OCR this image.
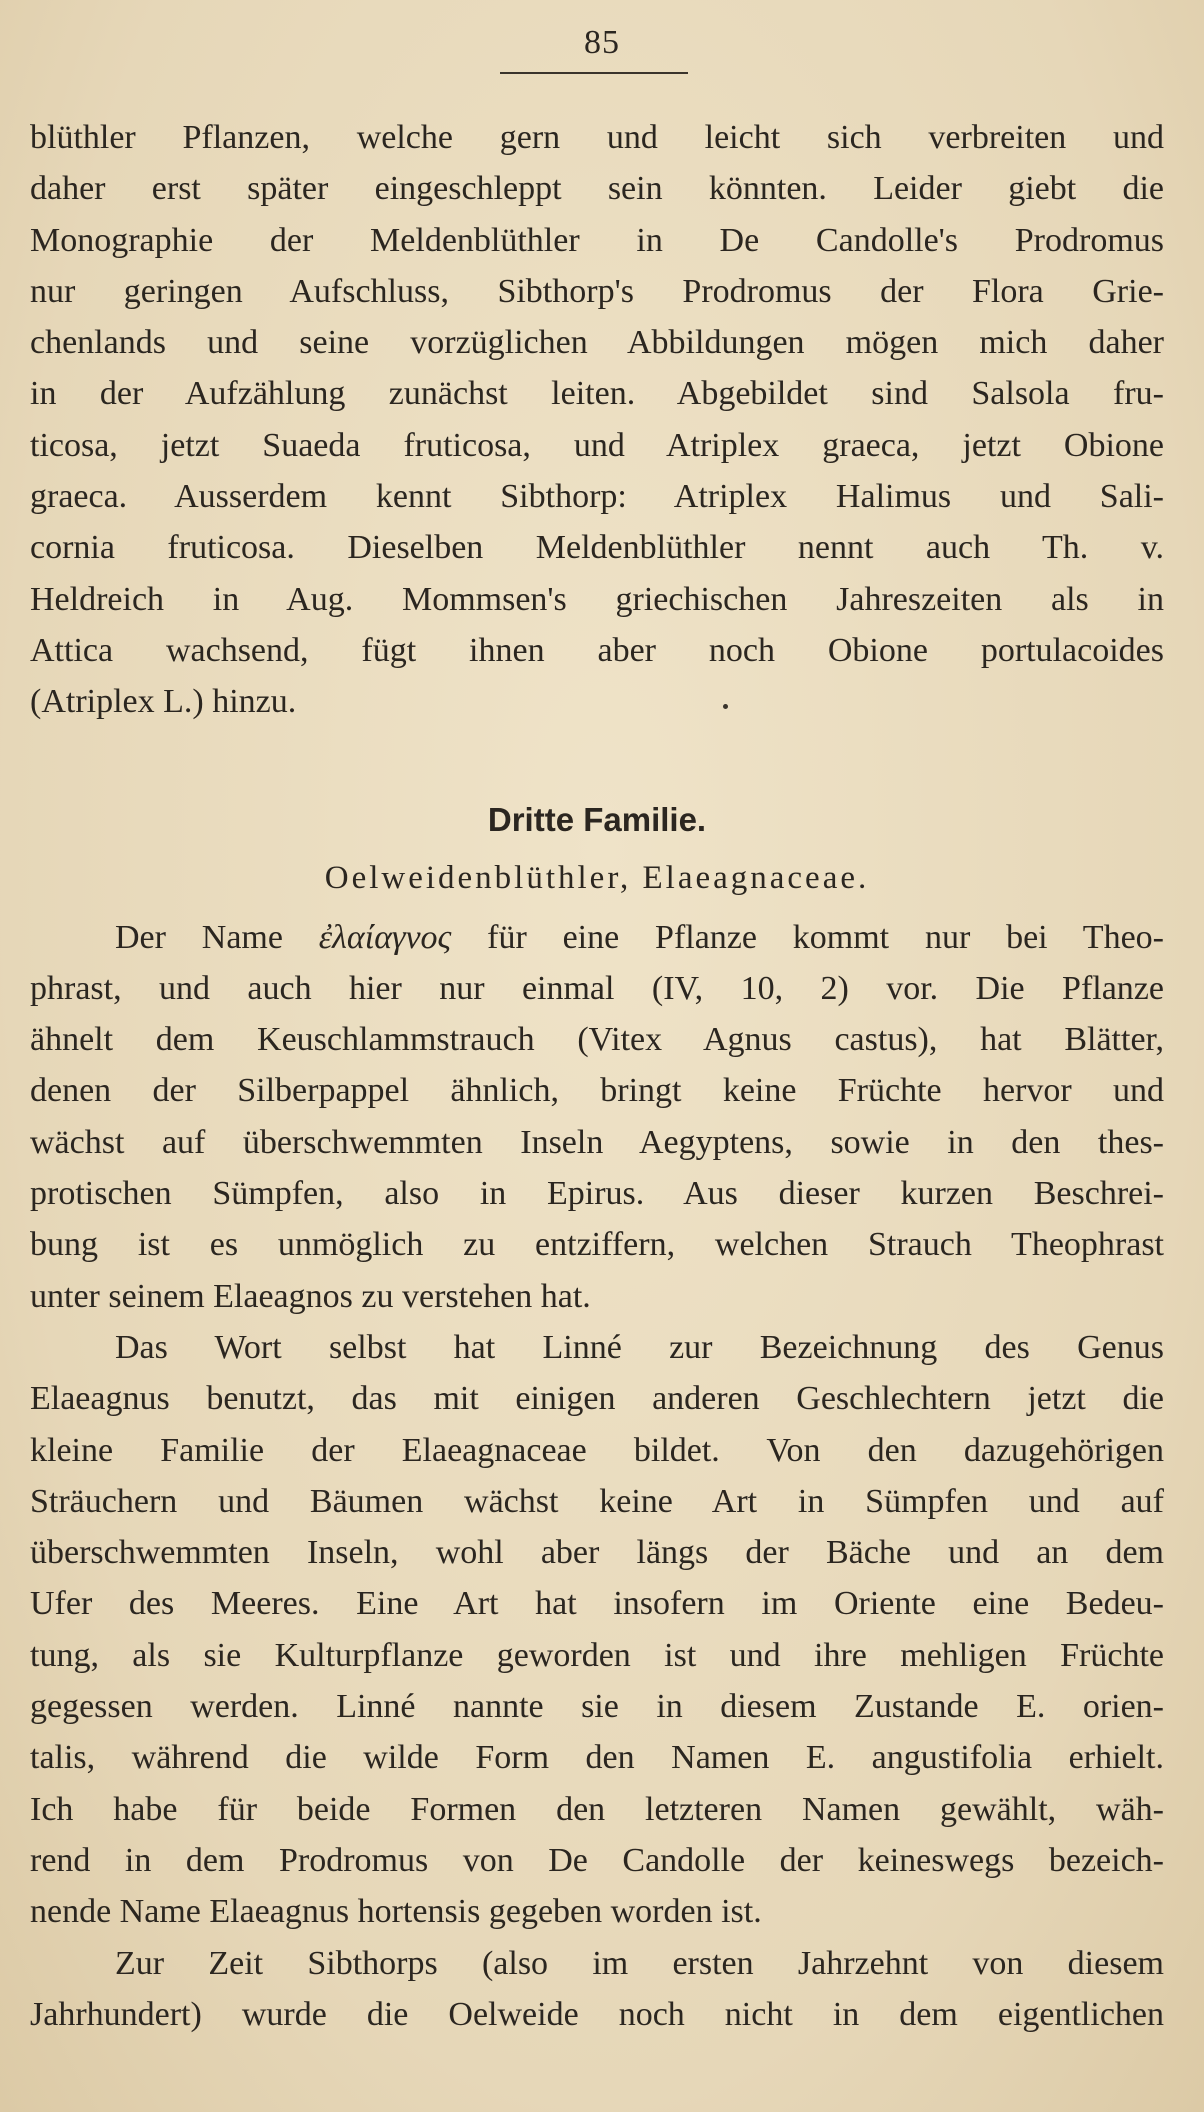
85
blüthler Pflanzen, welche gern und leicht sich verbreiten und
daher erst später eingeschleppt sein könnten. Leider giebt die
Monographie der Meldenblüthler in De Candolle's Prodromus
nur geringen Aufschluss, Sibthorp's Prodromus der Flora Grie-
chenlands und seine vorzüglichen Abbildungen mögen mich daher
in der Aufzählung zunächst leiten. Abgebildet sind Salsola fru-
ticosa, jetzt Suaeda fruticosa, und Atriplex graeca, jetzt Obione
graeca. Ausserdem kennt Sibthorp: Atriplex Halimus und Sali-
cornia fruticosa. Dieselben Meldenblüthler nennt auch Th. v.
Heldreich in Aug. Mommsen's griechischen Jahreszeiten als in
Attica wachsend, fügt ihnen aber noch Obione portulacoides
(Atriplex L.) hinzu.
Dritte Familie.
Oelweidenblüthler, Elaeagnaceae.
Der Name ἐλαίαγνος für eine Pflanze kommt nur bei Theo-
phrast, und auch hier nur einmal (IV, 10, 2) vor. Die Pflanze
ähnelt dem Keuschlammstrauch (Vitex Agnus castus), hat Blätter,
denen der Silberpappel ähnlich, bringt keine Früchte hervor und
wächst auf überschwemmten Inseln Aegyptens, sowie in den thes-
protischen Sümpfen, also in Epirus. Aus dieser kurzen Beschrei-
bung ist es unmöglich zu entziffern, welchen Strauch Theophrast
unter seinem Elaeagnos zu verstehen hat.
Das Wort selbst hat Linné zur Bezeichnung des Genus
Elaeagnus benutzt, das mit einigen anderen Geschlechtern jetzt die
kleine Familie der Elaeagnaceae bildet. Von den dazugehörigen
Sträuchern und Bäumen wächst keine Art in Sümpfen und auf
überschwemmten Inseln, wohl aber längs der Bäche und an dem
Ufer des Meeres. Eine Art hat insofern im Oriente eine Bedeu-
tung, als sie Kulturpflanze geworden ist und ihre mehligen Früchte
gegessen werden. Linné nannte sie in diesem Zustande E. orien-
talis, während die wilde Form den Namen E. angustifolia erhielt.
Ich habe für beide Formen den letzteren Namen gewählt, wäh-
rend in dem Prodromus von De Candolle der keineswegs bezeich-
nende Name Elaeagnus hortensis gegeben worden ist.
Zur Zeit Sibthorps (also im ersten Jahrzehnt von diesem
Jahrhundert) wurde die Oelweide noch nicht in dem eigentlichen
